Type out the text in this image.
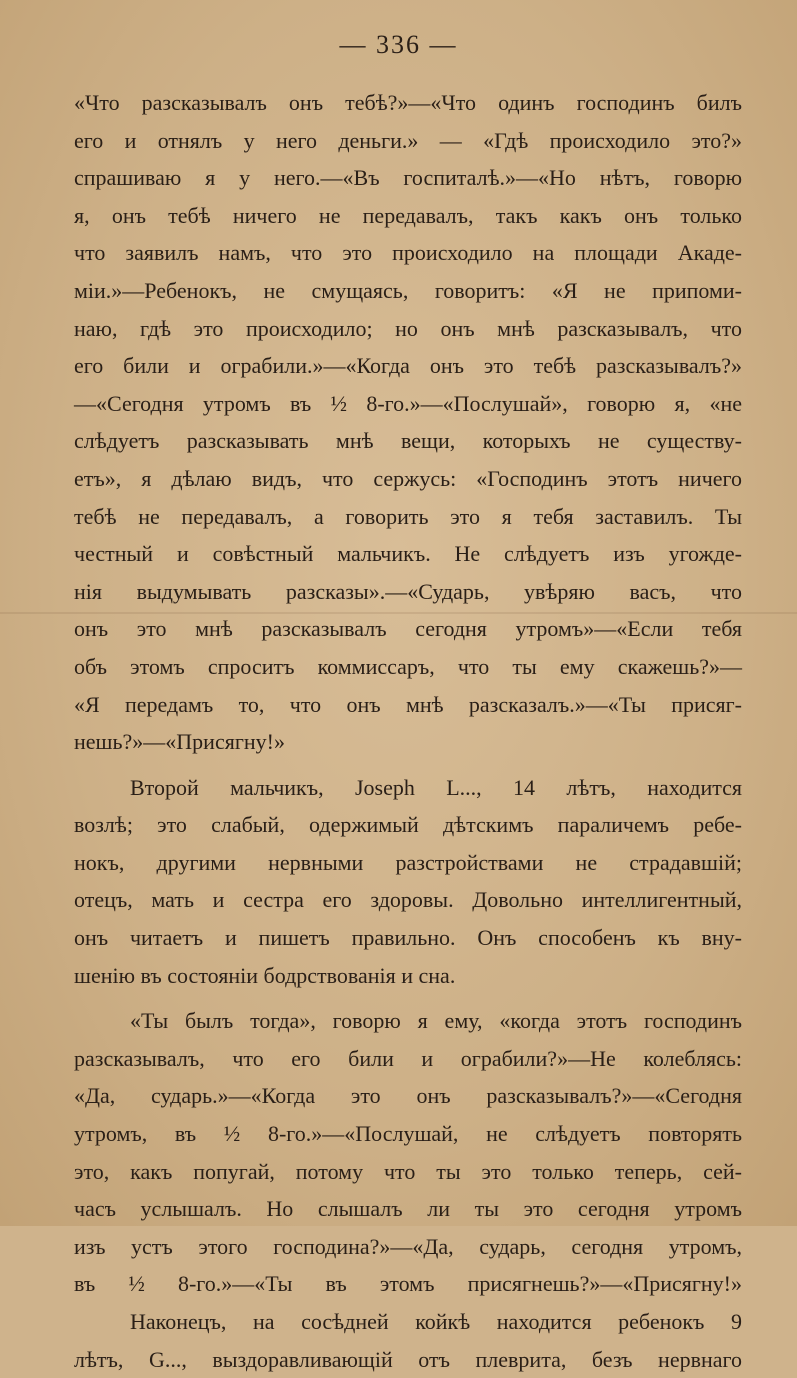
— 336 —
«Что разсказывалъ онъ тебѣ?»—«Что одинъ господинъ билъ
его и отнялъ у него деньги.» — «Гдѣ происходило это?»
спрашиваю я у него.—«Въ госпиталѣ.»—«Но нѣтъ, говорю
я, онъ тебѣ ничего не передавалъ, такъ какъ онъ только
что заявилъ намъ, что это происходило на площади Акаде-
міи.»—Ребенокъ, не смущаясь, говоритъ: «Я не припоми-
наю, гдѣ это происходило; но онъ мнѣ разсказывалъ, что
его били и ограбили.»—«Когда онъ это тебѣ разсказывалъ?»
—«Сегодня утромъ въ ½ 8-го.»—«Послушай», говорю я, «не
слѣдуетъ разсказывать мнѣ вещи, которыхъ не существу-
етъ», я дѣлаю видъ, что сержусь: «Господинъ этотъ ничего
тебѣ не передавалъ, а говорить это я тебя заставилъ. Ты
честный и совѣстный мальчикъ. Не слѣдуетъ изъ угожде-
нія выдумывать разсказы».—«Сударь, увѣряю васъ, что
онъ это мнѣ разсказывалъ сегодня утромъ»—«Если тебя
объ этомъ спроситъ коммиссаръ, что ты ему скажешь?»—
«Я передамъ то, что онъ мнѣ разсказалъ.»—«Ты присяг-
нешь?»—«Присягну!»
Второй мальчикъ, Joseph L..., 14 лѣтъ, находится
возлѣ; это слабый, одержимый дѣтскимъ параличемъ ребе-
нокъ, другими нервными разстройствами не страдавшій;
отецъ, мать и сестра его здоровы. Довольно интеллигентный,
онъ читаетъ и пишетъ правильно. Онъ способенъ къ вну-
шенію въ состояніи бодрствованія и сна.
«Ты былъ тогда», говорю я ему, «когда этотъ господинъ
разсказывалъ, что его били и ограбили?»—Не колеблясь:
«Да, сударь.»—«Когда это онъ разсказывалъ?»—«Сегодня
утромъ, въ ½ 8-го.»—«Послушай, не слѣдуетъ повторять
это, какъ попугай, потому что ты это только теперь, сей-
часъ услышалъ. Но слышалъ ли ты это сегодня утромъ
изъ устъ этого господина?»—«Да, сударь, сегодня утромъ,
въ ½ 8-го.»—«Ты въ этомъ присягнешь?»—«Присягну!»
Наконецъ, на сосѣдней койкѣ находится ребенокъ 9
лѣтъ, G..., выздоравливающій отъ плеврита, безъ нервнаго
